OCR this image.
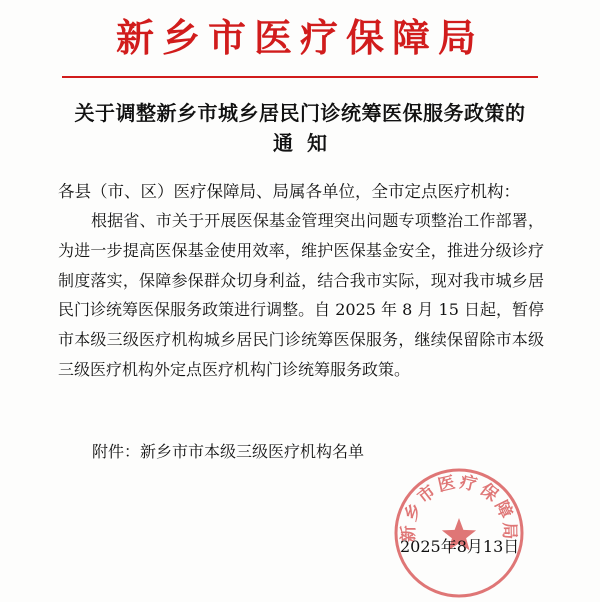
新乡市医疗保障局
关于调整新乡市城乡居民门诊统筹医保服务政策的
通知
各县（市、区）医疗保障局、局属各单位，全市定点医疗机构：

根据省、市关于开展医保基金管理突出问题专项整治工作部署，为进一步提高医保基金使用效率，维护医保基金安全，推进分级诊疗制度落实，保障参保群众切身利益，结合我市实际，现对我市城乡居民门诊统筹医保服务政策进行调整。自 2025 年 8 月 15 日起，暂停市本级三级医疗机构城乡居民门诊统筹医保服务，继续保留除市本级三级医疗机构外定点医疗机构门诊统筹服务政策。

附件：新乡市市本级三级医疗机构名单
新乡市医疗保障局
2025年8月13日
